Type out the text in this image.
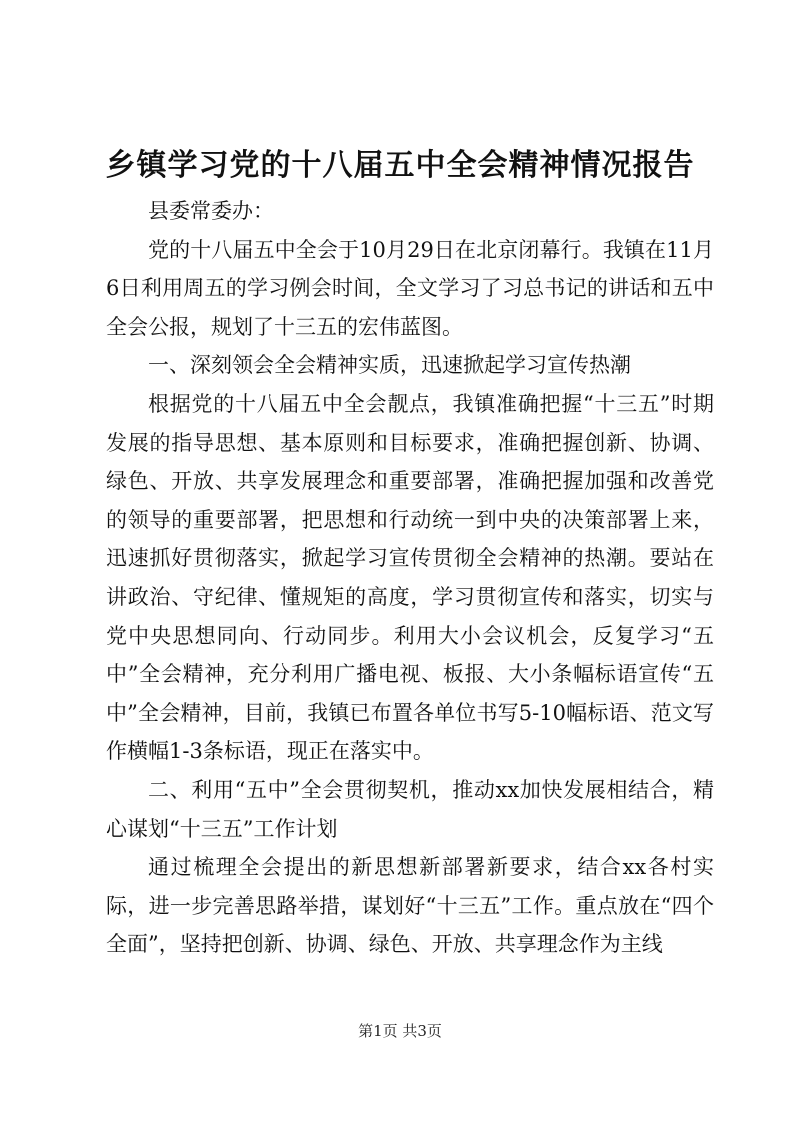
乡镇学习党的十八届五中全会精神情况报告

县委常委办：

党的十八届五中全会于10月29日在北京闭幕行。我镇在11月6日利用周五的学习例会时间，全文学习了习总书记的讲话和五中全会公报，规划了十三五的宏伟蓝图。

一、深刻领会全会精神实质，迅速掀起学习宣传热潮

根据党的十八届五中全会靓点，我镇准确把握“十三五”时期发展的指导思想、基本原则和目标要求，准确把握创新、协调、绿色、开放、共享发展理念和重要部署，准确把握加强和改善党的领导的重要部署，把思想和行动统一到中央的决策部署上来，迅速抓好贯彻落实，掀起学习宣传贯彻全会精神的热潮。要站在讲政治、守纪律、懂规矩的高度，学习贯彻宣传和落实，切实与党中央思想同向、行动同步。利用大小会议机会，反复学习“五中”全会精神，充分利用广播电视、板报、大小条幅标语宣传“五中”全会精神，目前，我镇已布置各单位书写5-10幅标语、范文写作横幅1-3条标语，现正在落实中。

二、利用“五中”全会贯彻契机，推动xx加快发展相结合，精心谋划“十三五”工作计划

通过梳理全会提出的新思想新部署新要求，结合xx各村实际，进一步完善思路举措，谋划好“十三五”工作。重点放在“四个全面”，坚持把创新、协调、绿色、开放、共享理念作为主线

第1页 共3页
